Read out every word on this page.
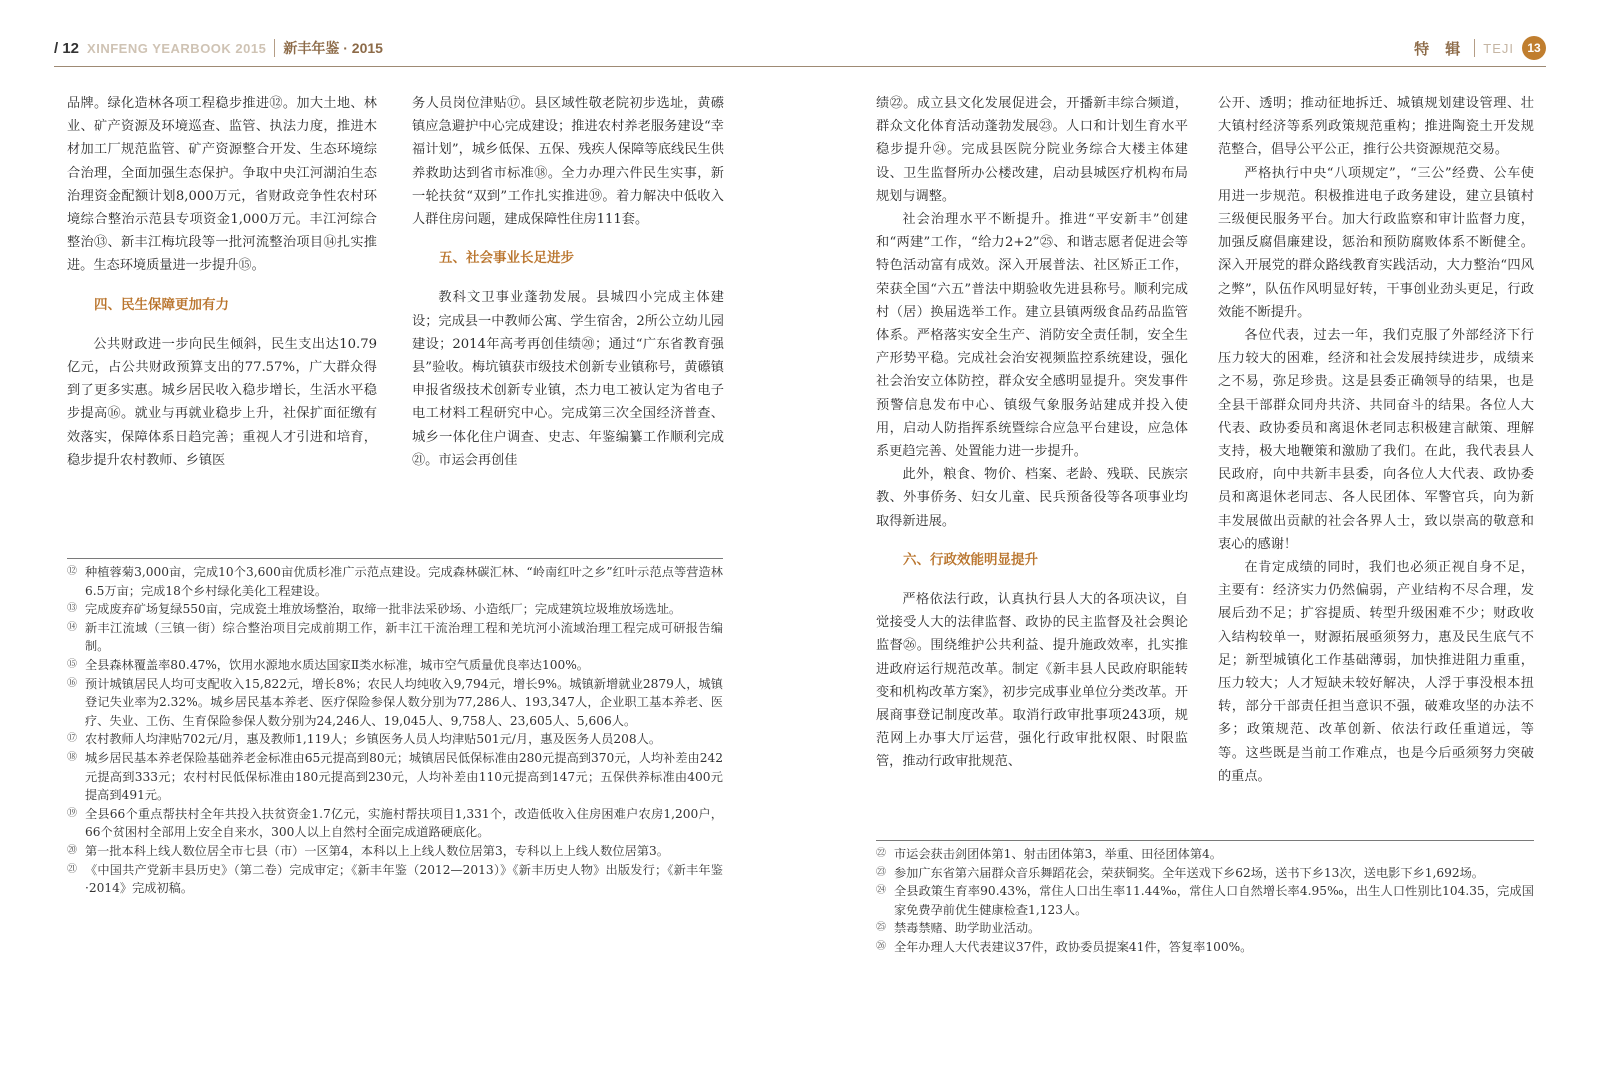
/ 12 XINFENG YEARBOOK 2015 新丰年鉴 · 2015	特 辑 TEJI	13

品牌。绿化造林各项工程稳步推进⑫。加大土地、林业、矿产资源及环境巡查、监管、执法力度，推进木材加工厂规范监管、矿产资源整合开发、生态环境综合治理，全面加强生态保护。争取中央江河湖泊生态治理资金配额计划8,000万元，省财政竞争性农村环境综合整治示范县专项资金1,000万元。丰江河综合整治⑬、新丰江梅坑段等一批河流整治项目⑭扎实推进。生态环境质量进一步提升⑮。

四、民生保障更加有力

公共财政进一步向民生倾斜，民生支出达10.79亿元，占公共财政预算支出的77.57%，广大群众得到了更多实惠。城乡居民收入稳步增长，生活水平稳步提高⑯。就业与再就业稳步上升，社保扩面征缴有效落实，保障体系日趋完善；重视人才引进和培育，稳步提升农村教师、乡镇医

务人员岗位津贴⑰。县区域性敬老院初步选址，黄礤镇应急避护中心完成建设；推进农村养老服务建设“幸福计划”，城乡低保、五保、残疾人保障等底线民生供养救助达到省市标准⑱。全力办理六件民生实事，新一轮扶贫“双到”工作扎实推进⑲。着力解决中低收入人群住房问题，建成保障性住房111套。

五、社会事业长足进步

教科文卫事业蓬勃发展。县城四小完成主体建设；完成县一中教师公寓、学生宿舍，2所公立幼儿园建设；2014年高考再创佳绩⑳；通过“广东省教育强县”验收。梅坑镇获市级技术创新专业镇称号，黄礤镇申报省级技术创新专业镇，杰力电工被认定为省电子电工材料工程研究中心。完成第三次全国经济普查、城乡一体化住户调查、史志、年鉴编纂工作顺利完成㉑。市运会再创佳

绩㉒。成立县文化发展促进会，开播新丰综合频道，群众文化体育活动蓬勃发展㉓。人口和计划生育水平稳步提升㉔。完成县医院分院业务综合大楼主体建设、卫生监督所办公楼改建，启动县城医疗机构布局规划与调整。

社会治理水平不断提升。推进“平安新丰”创建和“两建”工作，“给力2+2”㉕、和谐志愿者促进会等特色活动富有成效。深入开展普法、社区矫正工作，荣获全国“六五”普法中期验收先进县称号。顺利完成村（居）换届选举工作。建立县镇两级食品药品监管体系。严格落实安全生产、消防安全责任制，安全生产形势平稳。完成社会治安视频监控系统建设，强化社会治安立体防控，群众安全感明显提升。突发事件预警信息发布中心、镇级气象服务站建成并投入使用，启动人防指挥系统暨综合应急平台建设，应急体系更趋完善、处置能力进一步提升。

此外，粮食、物价、档案、老龄、残联、民族宗教、外事侨务、妇女儿童、民兵预备役等各项事业均取得新进展。

六、行政效能明显提升

严格依法行政，认真执行县人大的各项决议，自觉接受人大的法律监督、政协的民主监督及社会舆论监督㉖。围绕维护公共利益、提升施政效率，扎实推进政府运行规范改革。制定《新丰县人民政府职能转变和机构改革方案》，初步完成事业单位分类改革。开展商事登记制度改革。取消行政审批事项243项，规范网上办事大厅运营，强化行政审批权限、时限监管，推动行政审批规范、

公开、透明；推动征地拆迁、城镇规划建设管理、壮大镇村经济等系列政策规范重构；推进陶瓷土开发规范整合，倡导公平公正，推行公共资源规范交易。

严格执行中央“八项规定”，“三公”经费、公车使用进一步规范。积极推进电子政务建设，建立县镇村三级便民服务平台。加大行政监察和审计监督力度，加强反腐倡廉建设，惩治和预防腐败体系不断健全。深入开展党的群众路线教育实践活动，大力整治“四风之弊”，队伍作风明显好转，干事创业劲头更足，行政效能不断提升。

各位代表，过去一年，我们克服了外部经济下行压力较大的困难，经济和社会发展持续进步，成绩来之不易，弥足珍贵。这是县委正确领导的结果，也是全县干部群众同舟共济、共同奋斗的结果。各位人大代表、政协委员和离退休老同志积极建言献策、理解支持，极大地鞭策和激励了我们。在此，我代表县人民政府，向中共新丰县委，向各位人大代表、政协委员和离退休老同志、各人民团体、军警官兵，向为新丰发展做出贡献的社会各界人士，致以崇高的敬意和衷心的感谢！

在肯定成绩的同时，我们也必须正视自身不足，主要有：经济实力仍然偏弱，产业结构不尽合理，发展后劲不足；扩容提质、转型升级困难不少；财政收入结构较单一，财源拓展亟须努力，惠及民生底气不足；新型城镇化工作基础薄弱，加快推进阻力重重，压力较大；人才短缺未较好解决，人浮于事没根本扭转，部分干部责任担当意识不强，破难攻坚的办法不多；政策规范、改革创新、依法行政任重道远，等等。这些既是当前工作难点，也是今后亟须努力突破的重点。

⑫ 种植蓉菊3,000亩，完成10个3,600亩优质杉准广示范点建设。完成森林碳汇林、“岭南红叶之乡”红叶示范点等营造林6.5万亩；完成18个乡村绿化美化工程建设。
⑬ 完成废弃矿场复绿550亩，完成瓷土堆放场整治，取缔一批非法采砂场、小造纸厂；完成建筑垃圾堆放场选址。
⑭ 新丰江流域（三镇一街）综合整治项目完成前期工作，新丰江干流治理工程和羌坑河小流域治理工程完成可研报告编制。
⑮ 全县森林覆盖率80.47%，饮用水源地水质达国家Ⅱ类水标准，城市空气质量优良率达100%。
⑯ 预计城镇居民人均可支配收入15,822元，增长8%；农民人均纯收入9,794元，增长9%。城镇新增就业2879人，城镇登记失业率为2.32%。城乡居民基本养老、医疗保险参保人数分别为77,286人、193,347人，企业职工基本养老、医疗、失业、工伤、生育保险参保人数分别为24,246人、19,045人、9,758人、23,605人、5,606人。
⑰ 农村教师人均津贴702元/月，惠及教师1,119人；乡镇医务人员人均津贴501元/月，惠及医务人员208人。
⑱ 城乡居民基本养老保险基础养老金标准由65元提高到80元；城镇居民低保标准由280元提高到370元，人均补差由242元提高到333元；农村村民低保标准由180元提高到230元，人均补差由110元提高到147元；五保供养标准由400元提高到491元。
⑲ 全县66个重点帮扶村全年共投入扶贫资金1.7亿元，实施村帮扶项目1,331个，改造低收入住房困难户农房1,200户，66个贫困村全部用上安全自来水，300人以上自然村全面完成道路硬底化。
⑳ 第一批本科上线人数位居全市七县（市）一区第4，本科以上上线人数位居第3，专科以上上线人数位居第3。
㉑ 《中国共产党新丰县历史》（第二卷）完成审定；《新丰年鉴（2012—2013）》《新丰历史人物》出版发行；《新丰年鉴·2014》完成初稿。
㉒ 市运会获击剑团体第1、射击团体第3，举重、田径团体第4。
㉓ 参加广东省第六届群众音乐舞蹈花会，荣获铜奖。全年送戏下乡62场，送书下乡13次，送电影下乡1,692场。
㉔ 全县政策生育率90.43%，常住人口出生率11.44‰，常住人口自然增长率4.95‰，出生人口性别比104.35，完成国家免费孕前优生健康检查1,123人。
㉕ 禁毒禁赌、助学助业活动。
㉖ 全年办理人大代表建议37件，政协委员提案41件，答复率100%。
